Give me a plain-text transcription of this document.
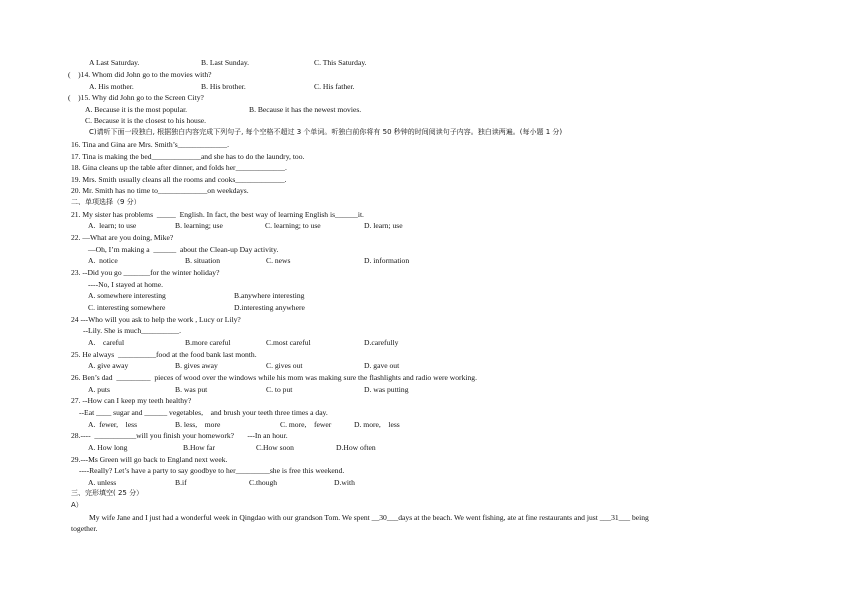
A Last Saturday.	B. Last Sunday.	C. This Saturday.
(    )14. Whom did John go to the movies with?
A. His mother.	B. His brother.	C. His father.
(    )15. Why did John go to the Screen City?
A. Because it is the most popular.	B. Because it has the newest movies.
C. Because it is the closest to his house.
C)请听下面一段独白, 根据独白内容完成下列句子, 每个空格不超过 3 个单词。听独白前你将有 50 秒钟的时间阅读句子内容。独白读两遍。(每小题 1 分)
16. Tina and Gina are Mrs. Smith’s_____________.
17. Tina is making the bed_____________and she has to do the laundry, too.
18. Gina cleans up the table after dinner, and folds her_____________.
19. Mrs. Smith usually cleans all the rooms and cooks_____________.
20. Mr. Smith has no time to_____________on weekdays.
二、单项选择（9 分）
21. My sister has problems  _____  English. In fact, the best way of learning English is______it.
A.  learn; to use	B. learning; use	C. learning; to use	D. learn; use
22. —What are you doing, Mike?
—Oh, I’m making a  ______  about the Clean-up Day activity.
A.  notice	B. situation	C. news	D. information
23. --Did you go _______for the winter holiday?
----No, I stayed at home.
A. somewhere interesting	B.anywhere interesting
C. interesting somewhere	D.interesting anywhere
24 ---Who will you ask to help the work , Lucy or Lily?
--Lily. She is much__________.
A.    careful	B.more careful	C.most careful	D.carefully
25. He always  __________food at the food bank last month.
A. give away	B. gives away	C. gives out	D. gave out
26. Ben’s dad  _________  pieces of wood over the windows while his mom was making sure the flashlights and radio were working.
A. puts	B. was put	C. to put	D. was putting
27. --How can I keep my teeth healthy?
--Eat ____ sugar and ______ vegetables,    and brush your teeth three times a day.
A.  fewer,    less	B. less,    more	C. more,    fewer	D. more,    less
28.----  ___________will you finish your homework?       ---In an hour.
A. How long	B.How far	C.How soon	D.How often
29.---Ms Green will go back to England next week.
----Really? Let’s have a party to say goodbye to her_________she is free this weekend.
A. unless	B.if	C.though	D.with
三、完形填空( 25 分）
A）
My wife Jane and I just had a wonderful week in Qingdao with our grandson Tom. We spent __30___days at the beach. We went fishing, ate at fine restaurants and just ___31___ being
together.
